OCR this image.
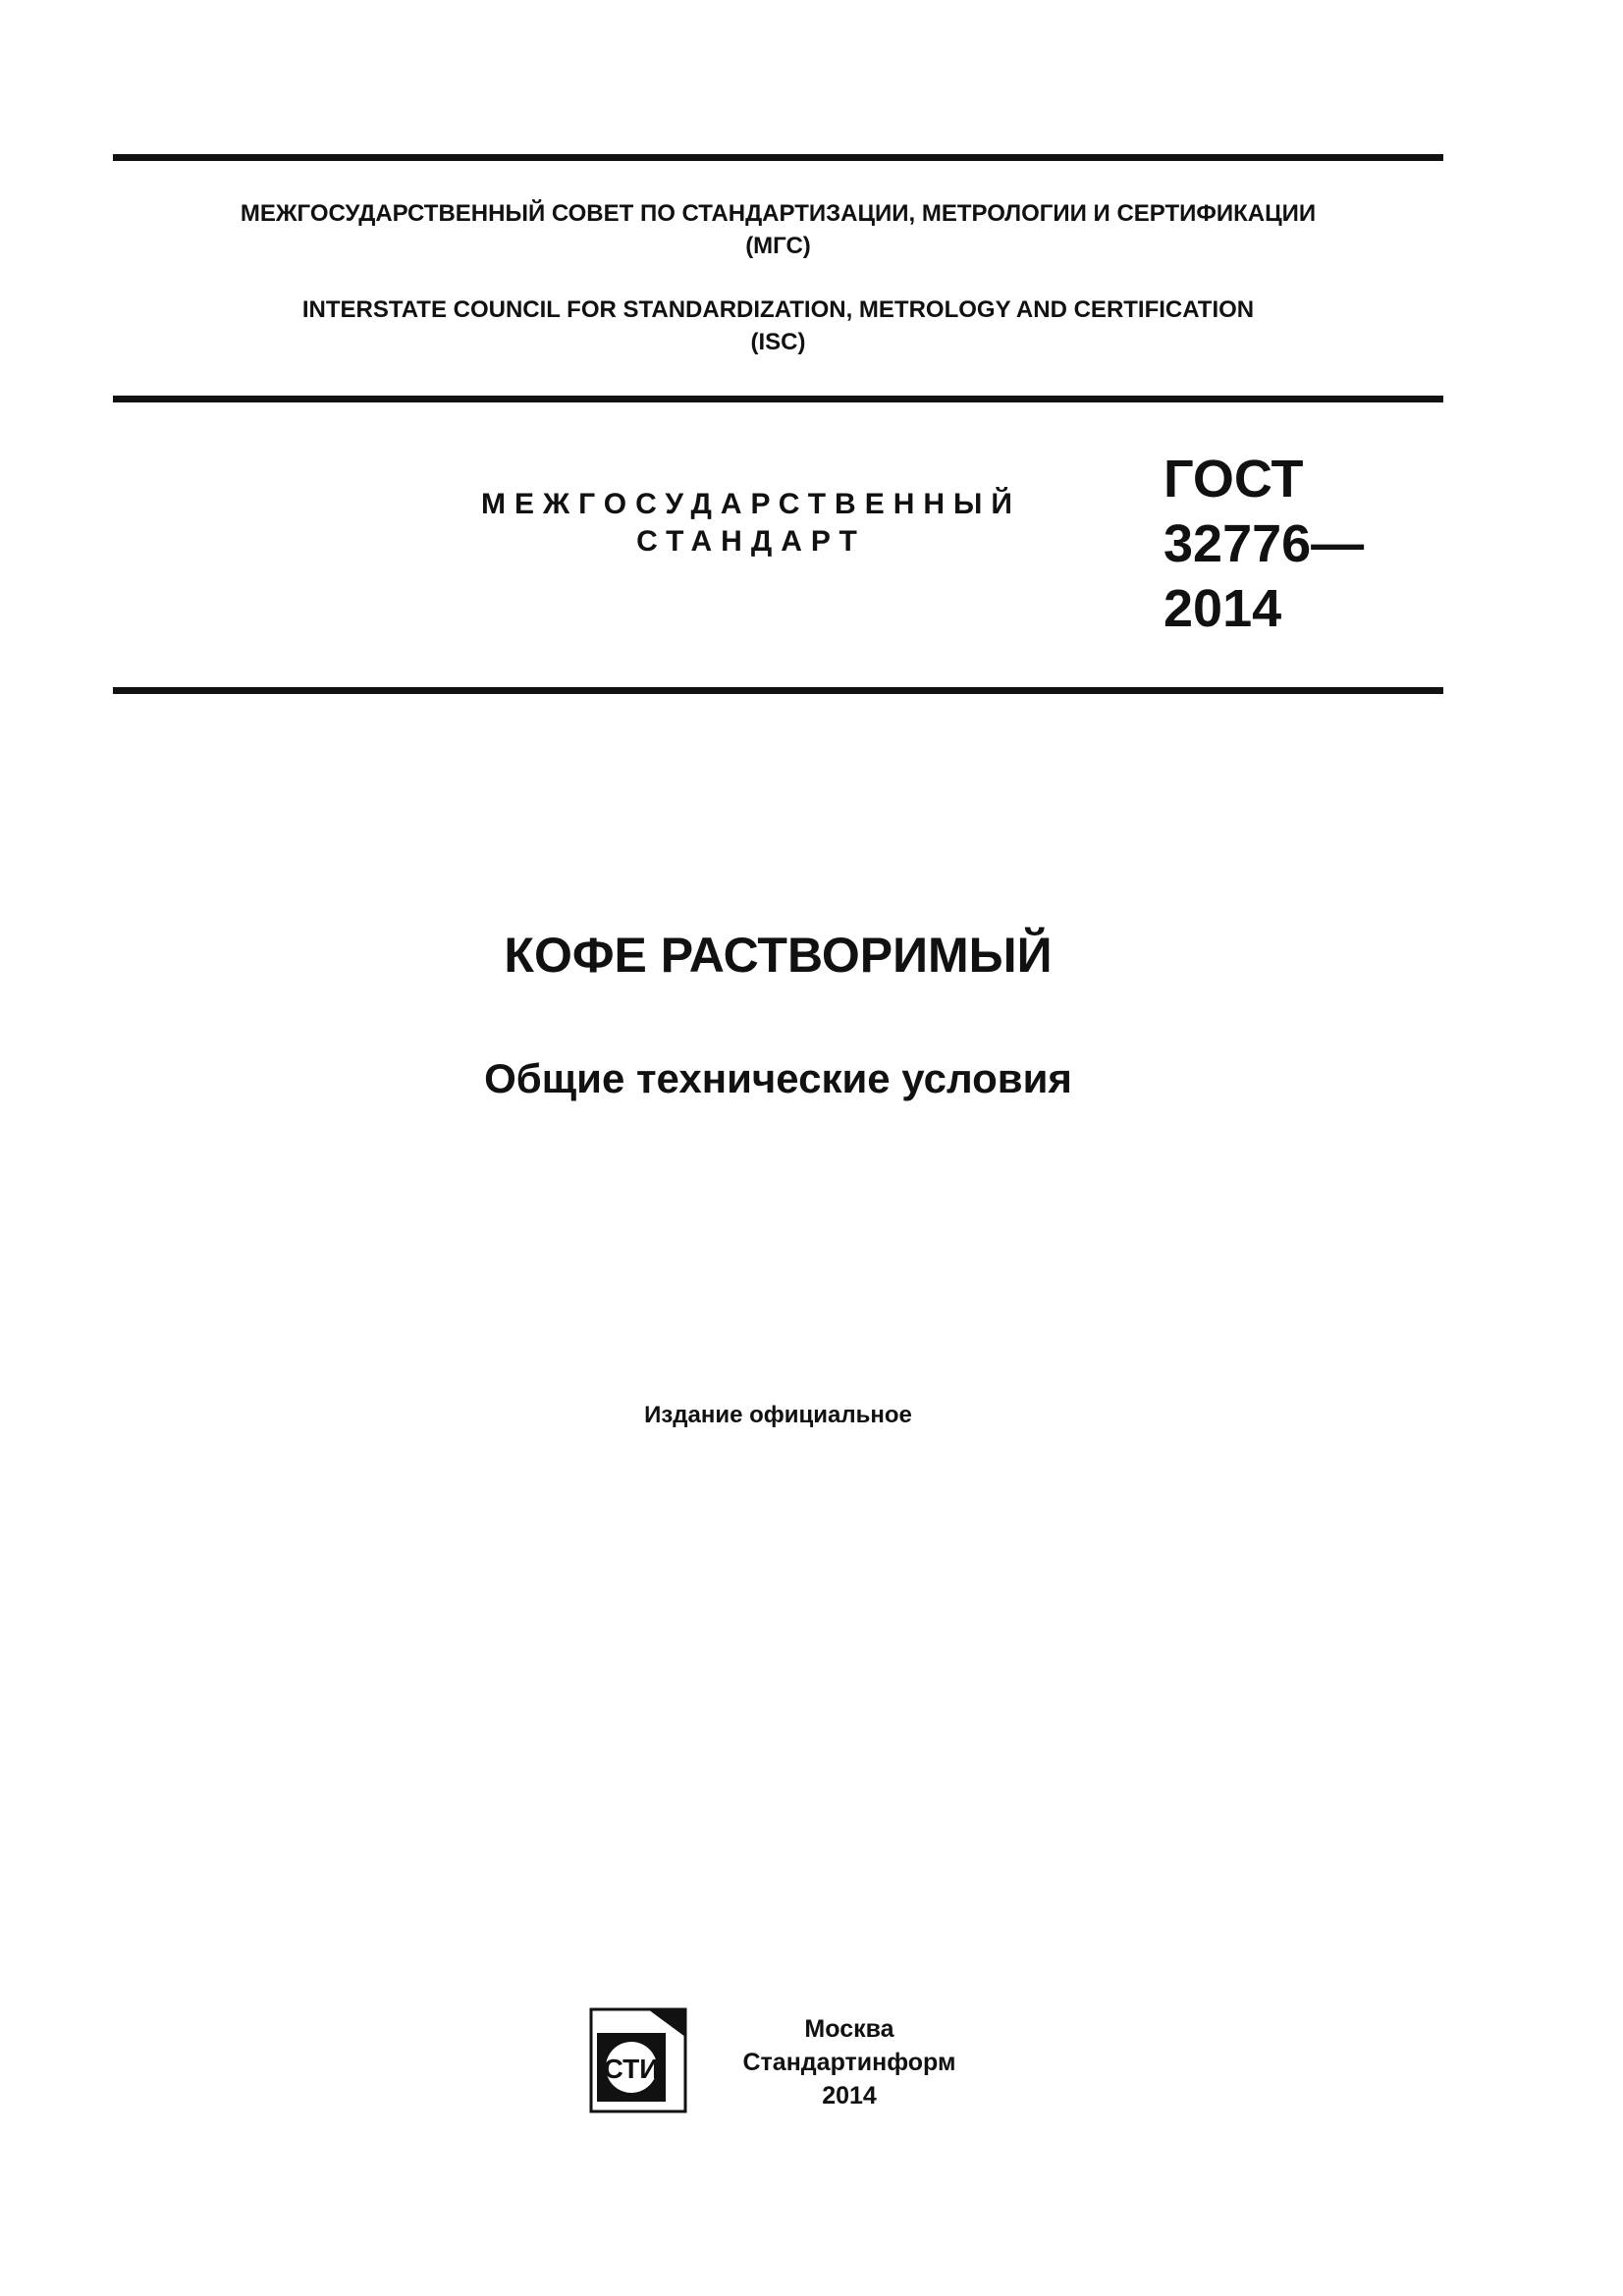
МЕЖГОСУДАРСТВЕННЫЙ СОВЕТ ПО СТАНДАРТИЗАЦИИ, МЕТРОЛОГИИ И СЕРТИФИКАЦИИ
(МГС)
INTERSTATE COUNCIL FOR STANDARDIZATION, METROLOGY AND CERTIFICATION
(ISC)
МЕЖГОСУДАРСТВЕННЫЙ
СТАНДАРТ
ГОСТ
32776—
2014
КОФЕ РАСТВОРИМЫЙ
Общие технические условия
Издание официальное
СТИ
Москва
Стандартинформ
2014
